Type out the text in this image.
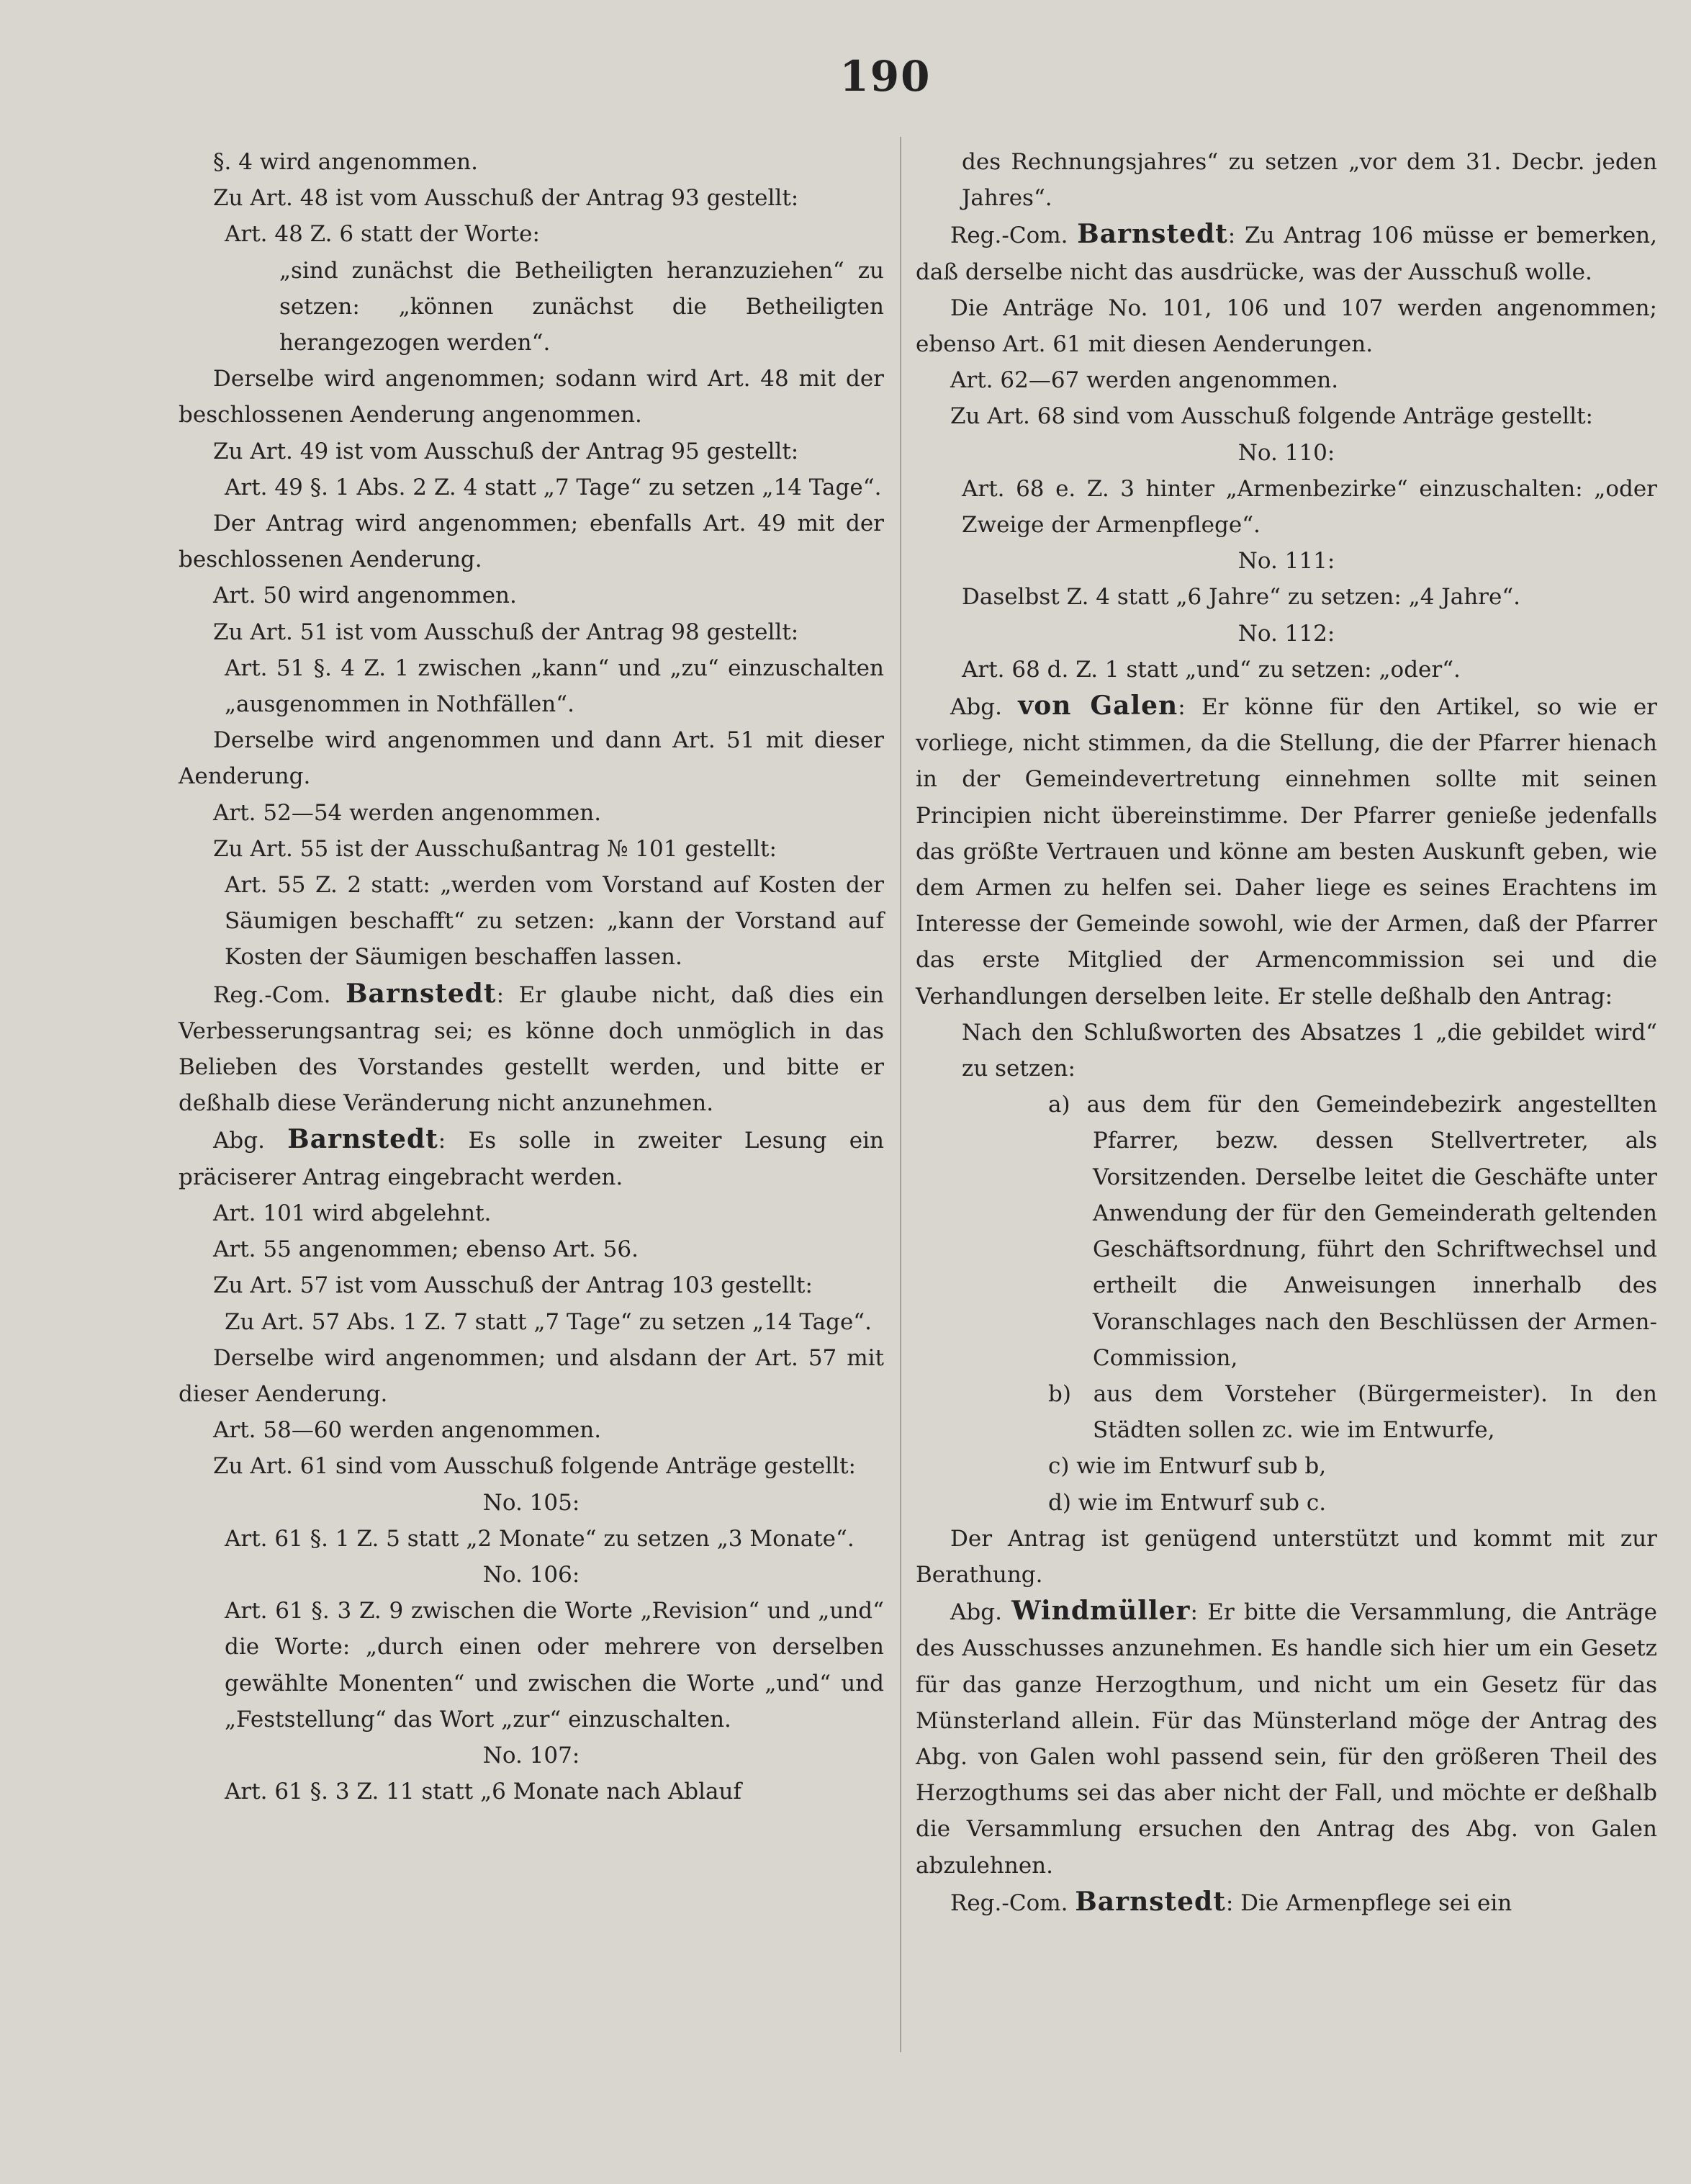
190

§. 4 wird angenommen.

Zu Art. 48 ist vom Ausschuß der Antrag 93 gestellt:

Art. 48 Z. 6 statt der Worte:

„sind zunächst die Betheiligten heranzuziehen“ zu setzen: „können zunächst die Betheiligten herangezogen werden“.

Derselbe wird angenommen; sodann wird Art. 48 mit der beschlossenen Aenderung angenommen.

Zu Art. 49 ist vom Ausschuß der Antrag 95 gestellt:

Art. 49 §. 1 Abs. 2 Z. 4 statt „7 Tage“ zu setzen „14 Tage“.

Der Antrag wird angenommen; ebenfalls Art. 49 mit der beschlossenen Aenderung.

Art. 50 wird angenommen.

Zu Art. 51 ist vom Ausschuß der Antrag 98 gestellt:

Art. 51 §. 4 Z. 1 zwischen „kann“ und „zu“ einzuschalten „ausgenommen in Nothfällen“.

Derselbe wird angenommen und dann Art. 51 mit dieser Aenderung.

Art. 52—54 werden angenommen.

Zu Art. 55 ist der Ausschußantrag № 101 gestellt:

Art. 55 Z. 2 statt: „werden vom Vorstand auf Kosten der Säumigen beschafft“ zu setzen: „kann der Vorstand auf Kosten der Säumigen beschaffen lassen.

Reg.-Com. Barnstedt: Er glaube nicht, daß dies ein Verbesserungsantrag sei; es könne doch unmöglich in das Belieben des Vorstandes gestellt werden, und bitte er deßhalb diese Veränderung nicht anzunehmen.

Abg. Barnstedt: Es solle in zweiter Lesung ein präciserer Antrag eingebracht werden.

Art. 101 wird abgelehnt.

Art. 55 angenommen; ebenso Art. 56.

Zu Art. 57 ist vom Ausschuß der Antrag 103 gestellt:

Zu Art. 57 Abs. 1 Z. 7 statt „7 Tage“ zu setzen „14 Tage“.

Derselbe wird angenommen; und alsdann der Art. 57 mit dieser Aenderung.

Art. 58—60 werden angenommen.

Zu Art. 61 sind vom Ausschuß folgende Anträge gestellt:

No. 105:

Art. 61 §. 1 Z. 5 statt „2 Monate“ zu setzen „3 Monate“.

No. 106:

Art. 61 §. 3 Z. 9 zwischen die Worte „Revision“ und „und“ die Worte: „durch einen oder mehrere von derselben gewählte Monenten“ und zwischen die Worte „und“ und „Feststellung“ das Wort „zur“ einzuschalten.

No. 107:

Art. 61 §. 3 Z. 11 statt „6 Monate nach Ablauf

des Rechnungsjahres“ zu setzen „vor dem 31. Decbr. jeden Jahres“.

Reg.-Com. Barnstedt: Zu Antrag 106 müsse er bemerken, daß derselbe nicht das ausdrücke, was der Ausschuß wolle.

Die Anträge No. 101, 106 und 107 werden angenommen; ebenso Art. 61 mit diesen Aenderungen.

Art. 62—67 werden angenommen.

Zu Art. 68 sind vom Ausschuß folgende Anträge gestellt:

No. 110:

Art. 68 e. Z. 3 hinter „Armenbezirke“ einzuschalten: „oder Zweige der Armenpflege“.

No. 111:

Daselbst Z. 4 statt „6 Jahre“ zu setzen: „4 Jahre“.

No. 112:

Art. 68 d. Z. 1 statt „und“ zu setzen: „oder“.

Abg. von Galen: Er könne für den Artikel, so wie er vorliege, nicht stimmen, da die Stellung, die der Pfarrer hienach in der Gemeindevertretung einnehmen sollte mit seinen Principien nicht übereinstimme. Der Pfarrer genieße jedenfalls das größte Vertrauen und könne am besten Auskunft geben, wie dem Armen zu helfen sei. Daher liege es seines Erachtens im Interesse der Gemeinde sowohl, wie der Armen, daß der Pfarrer das erste Mitglied der Armencommission sei und die Verhandlungen derselben leite. Er stelle deßhalb den Antrag:

Nach den Schlußworten des Absatzes 1 „die gebildet wird“ zu setzen:

a) aus dem für den Gemeindebezirk angestellten Pfarrer, bezw. dessen Stellvertreter, als Vorsitzenden. Derselbe leitet die Geschäfte unter Anwendung der für den Gemeinderath geltenden Geschäftsordnung, führt den Schriftwechsel und ertheilt die Anweisungen innerhalb des Voranschlages nach den Beschlüssen der Armen-Commission,

b) aus dem Vorsteher (Bürgermeister). In den Städten sollen zc. wie im Entwurfe,

c) wie im Entwurf sub b,

d) wie im Entwurf sub c.

Der Antrag ist genügend unterstützt und kommt mit zur Berathung.

Abg. Windmüller: Er bitte die Versammlung, die Anträge des Ausschusses anzunehmen. Es handle sich hier um ein Gesetz für das ganze Herzogthum, und nicht um ein Gesetz für das Münsterland allein. Für das Münsterland möge der Antrag des Abg. von Galen wohl passend sein, für den größeren Theil des Herzogthums sei das aber nicht der Fall, und möchte er deßhalb die Versammlung ersuchen den Antrag des Abg. von Galen abzulehnen.

Reg.-Com. Barnstedt: Die Armenpflege sei ein
